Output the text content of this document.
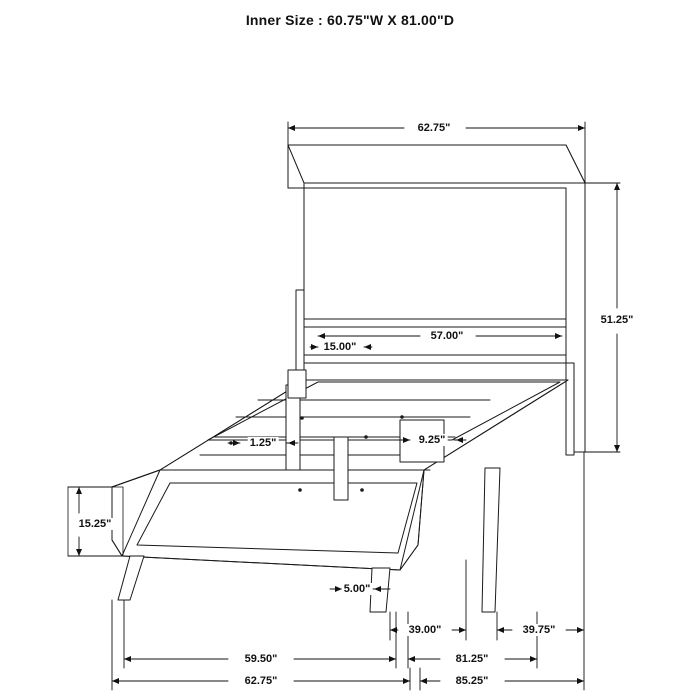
Inner Size : 60.75"W X 81.00"D
62.75"
51.25"
57.00"
15.00"
1.25"	9.25"
15.25"
5.00"
39.00"	39.75"
59.50"	81.25"
62.75"	85.25"
